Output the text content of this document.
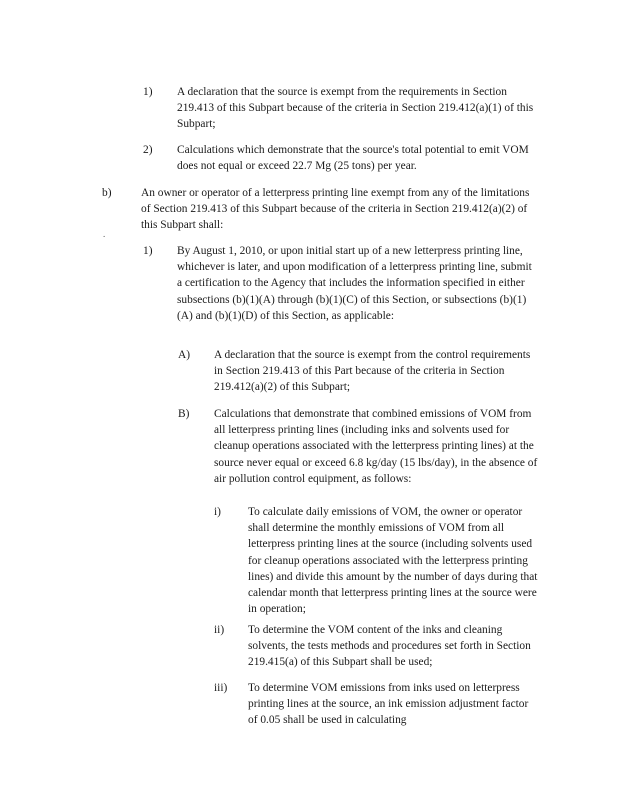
1) A declaration that the source is exempt from the requirements in Section 219.413 of this Subpart because of the criteria in Section 219.412(a)(1) of this Subpart;
2) Calculations which demonstrate that the source's total potential to emit VOM does not equal or exceed 22.7 Mg (25 tons) per year.
b)	An owner or operator of a letterpress printing line exempt from any of the limitations of Section 219.413 of this Subpart because of the criteria in Section 219.412(a)(2) of this Subpart shall:
.
1) By August 1, 2010, or upon initial start up of a new letterpress printing line, whichever is later, and upon modification of a letterpress printing line, submit a certification to the Agency that includes the information specified in either subsections (b)(1)(A) through (b)(1)(C) of this Section, or subsections (b)(1)(A) and (b)(1)(D) of this Section, as applicable:
A) A declaration that the source is exempt from the control requirements in Section 219.413 of this Part because of the criteria in Section 219.412(a)(2) of this Subpart;
B) Calculations that demonstrate that combined emissions of VOM from all letterpress printing lines (including inks and solvents used for cleanup operations associated with the letterpress printing lines) at the source never equal or exceed 6.8 kg/day (15 lbs/day), in the absence of air pollution control equipment, as follows:
i) To calculate daily emissions of VOM, the owner or operator shall determine the monthly emissions of VOM from all letterpress printing lines at the source (including solvents used for cleanup operations associated with the letterpress printing lines) and divide this amount by the number of days during that calendar month that letterpress printing lines at the source were in operation;
ii) To determine the VOM content of the inks and cleaning solvents, the tests methods and procedures set forth in Section 219.415(a) of this Subpart shall be used;
iii) To determine VOM emissions from inks used on letterpress printing lines at the source, an ink emission adjustment factor of 0.05 shall be used in calculating
